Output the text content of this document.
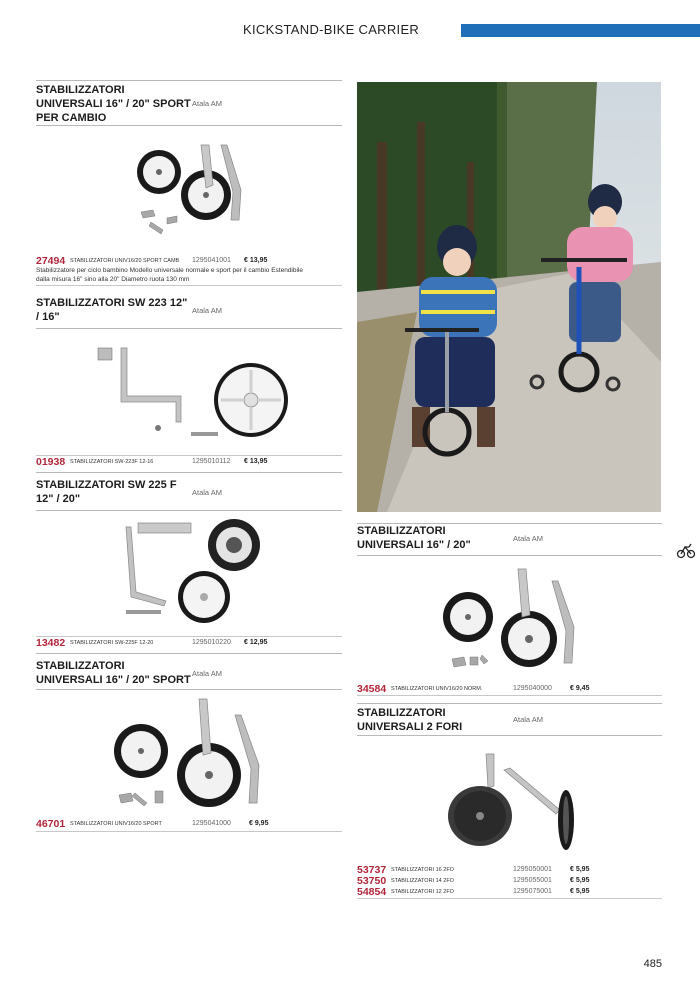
KICKSTAND-BIKE CARRIER
STABILIZZATORI
UNIVERSALI 16" / 20" SPORT
PER CAMBIO
Atala AM
27494 STABILIZZATORI UNIV16/20 SPORT CAMB 1295041001 € 13,95
Stabilizzatore per ciclo bambino Modello universale normale e sport per il cambio Estendibile
dalla misura 16" sino alla 20" Diametro ruota 130 mm
STABILIZZATORI SW 223 12"
/ 16"
Atala AM
01938 STABILIZZATORI SW-223F 12-16	1295010112 € 13,95
STABILIZZATORI SW 225 F
12" / 20"
Atala AM
13482 STABILIZZATORI SW-225F 12-20	1295010220 € 12,95
STABILIZZATORI
UNIVERSALI 16" / 20" SPORT
Atala AM
46701 STABILIZZATORI UNIV16/20 SPORT	1295041000	€ 9,95
STABILIZZATORI
UNIVERSALI 16" / 20"
Atala AM
34584 STABILIZZATORI UNIV16/20 NORM.	1295040000	€ 9,45
STABILIZZATORI
UNIVERSALI 2 FORI
Atala AM
53737 STABILIZZATORI 16 2FO	1295050001	€ 5,95
53750 STABILIZZATORI 14 2FO	1295055001	€ 5,95
54854 STABILIZZATORI 12 2FO	1295075001	€ 5,95
485
